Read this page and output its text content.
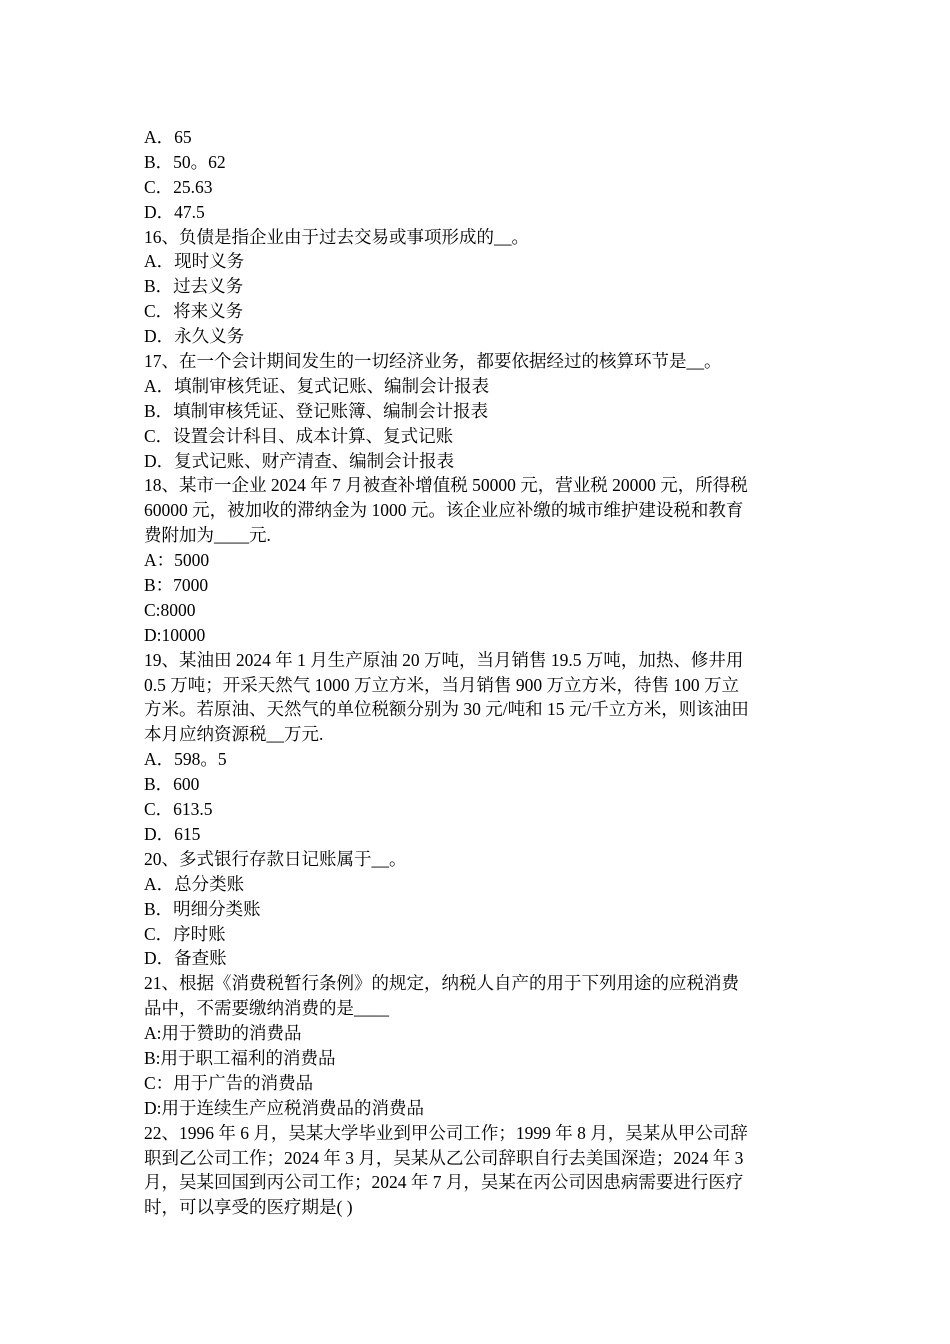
A．65
B．50。62
C．25.63
D．47.5
16、负债是指企业由于过去交易或事项形成的__。
A．现时义务
B．过去义务
C．将来义务
D．永久义务
17、在一个会计期间发生的一切经济业务，都要依据经过的核算环节是__。
A．填制审核凭证、复式记账、编制会计报表
B．填制审核凭证、登记账簿、编制会计报表
C．设置会计科目、成本计算、复式记账
D．复式记账、财产清查、编制会计报表
18、某市一企业 2024 年 7 月被查补增值税 50000 元，营业税 20000 元，所得税
60000 元，被加收的滞纳金为 1000 元。该企业应补缴的城市维护建设税和教育
费附加为____元.
A：5000
B：7000
C:8000
D:10000
19、某油田 2024 年 1 月生产原油 20 万吨，当月销售 19.5 万吨，加热、修井用
0.5 万吨；开采天然气 1000 万立方米，当月销售 900 万立方米，待售 100 万立
方米。若原油、天然气的单位税额分别为 30 元/吨和 15 元/千立方米，则该油田
本月应纳资源税__万元.
A．598。5
B．600
C．613.5
D．615
20、多式银行存款日记账属于__。
A．总分类账
B．明细分类账
C．序时账
D．备查账
21、根据《消费税暂行条例》的规定，纳税人自产的用于下列用途的应税消费
品中，不需要缴纳消费的是____
A:用于赞助的消费品
B:用于职工福利的消费品
C：用于广告的消费品
D:用于连续生产应税消费品的消费品
22、1996 年 6 月，吴某大学毕业到甲公司工作；1999 年 8 月，吴某从甲公司辞
职到乙公司工作；2024 年 3 月，吴某从乙公司辞职自行去美国深造；2024 年 3
月，吴某回国到丙公司工作；2024 年 7 月，吴某在丙公司因患病需要进行医疗
时，可以享受的医疗期是( )
